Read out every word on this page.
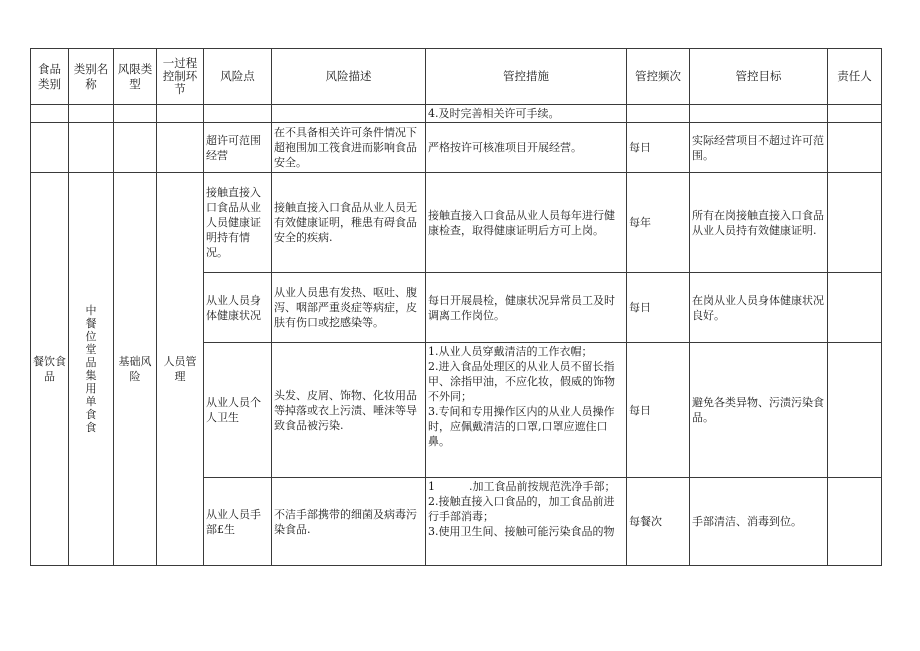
食品类别	类别名称	风限类型	一过程控制环节	风险点	风险描述	管控措施	管控频次	管控目标	责任人
						4.及时完善相关许可手续。			
				超许可范围经营	在不具备相关许可条件情况下超袍围加工筏食进而影响食品安全。	严格按许可核准项目开展经营。	每日	实际经营项目不超过许可范围。	
餐饮食品	中餐位堂品集用单食食	基础风险	人员管理	接触直接入口食品从业人员健康证明持有情况。	接触直接入口食品从业人员无有效健康证明，稚患有碍食品安全的疾病.	接触直接入口食品从业人员每年进行健康检查，取得健康证明后方可上岗。	每年	所有在岗接触直接入口食品从业人员持有效健康证明.	
				从业人员身体健康状况	从业人员患有发热、呕吐、腹泻、咽部严重炎症等病症，皮肤有伤口或挖感染等。	每日开展晨检，健康状况异常员工及时调离工作岗位。	每日	在岗从业人员身体健康状况良好。	
				从业人员个人卫生	头发、皮屑、饰物、化妆用品等掉落或衣上污渍、唾沫等导致食品被污染.	1.从业人员穿戴清洁的工作衣帽；
2.进入食品处理区的从业人员不留长指甲、涂指甲油，不应化妆，假威的饰物不外同；
3.专间和专用操作区内的从业人员操作时，应佩戴清洁的口罩,口罩应遮住口鼻。	每日	避免各类异物、污渍污染食品。	
				从业人员手部£生	不洁手部携带的细菌及病毒污染食品.	1 .加工食品前按规范洗净手部；
2.接触直接入口食品的，加工食品前进行手部消毒；
3.使用卫生间、接触可能污染食品的物	每餐次	手部清洁、消毒到位。	
